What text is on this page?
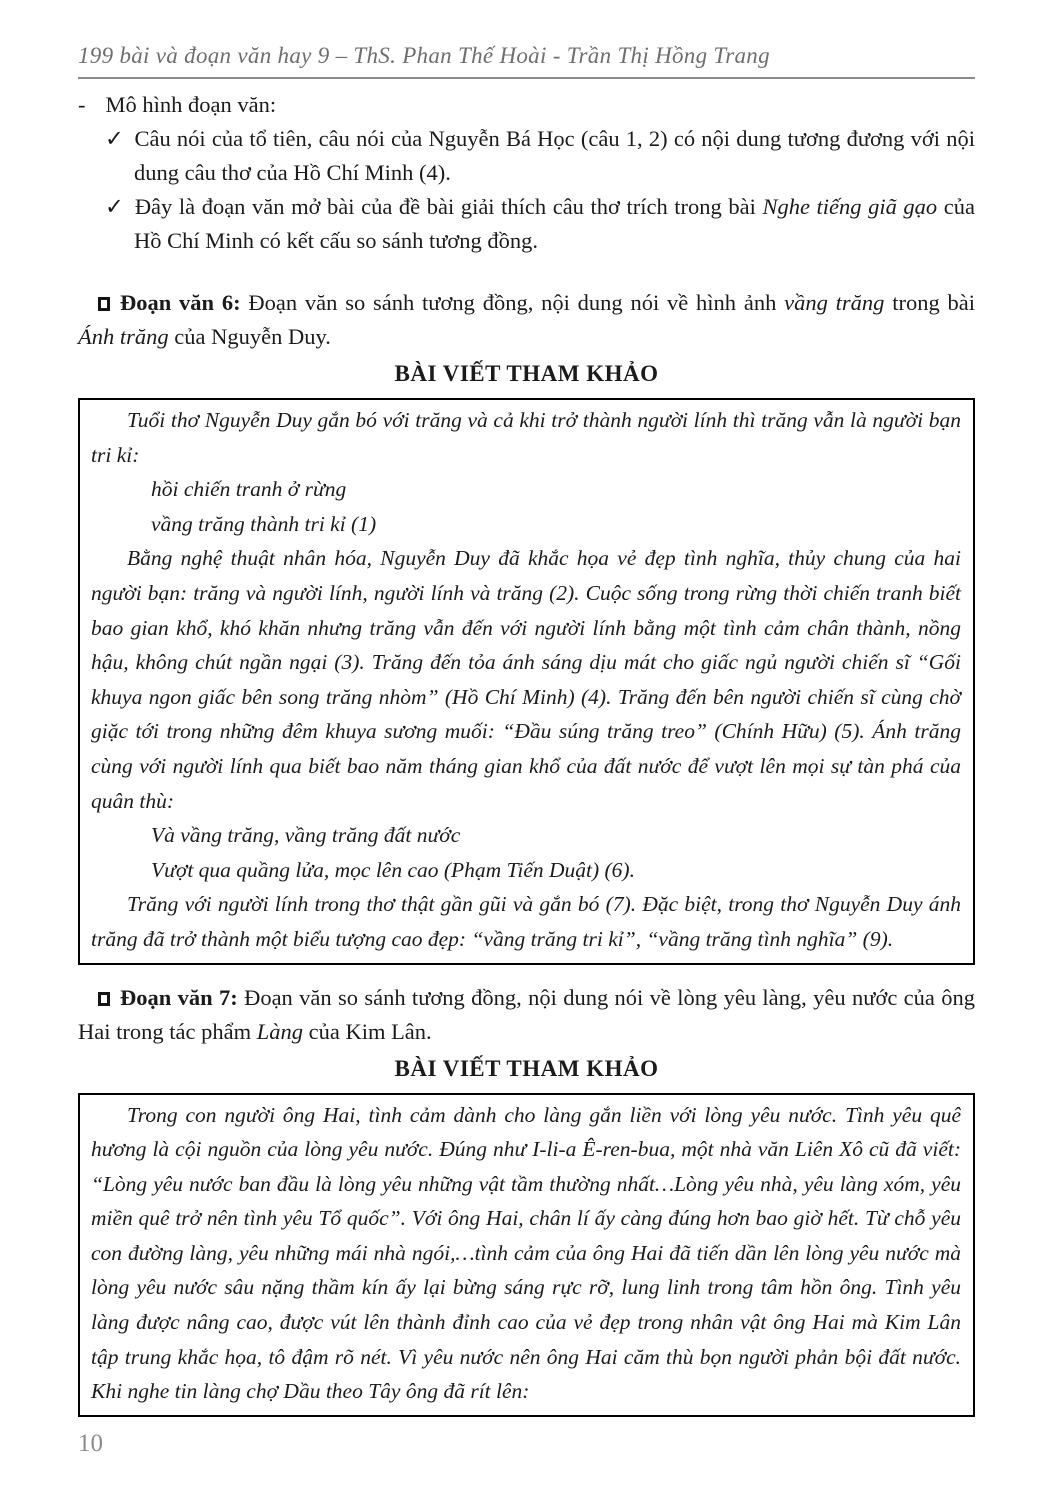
199 bài và đoạn văn hay 9 – ThS. Phan Thế Hoài - Trần Thị Hồng Trang
- Mô hình đoạn văn:
✓ Câu nói của tổ tiên, câu nói của Nguyễn Bá Học (câu 1, 2) có nội dung tương đương với nội dung câu thơ của Hồ Chí Minh (4).
✓ Đây là đoạn văn mở bài của đề bài giải thích câu thơ trích trong bài Nghe tiếng giã gạo của Hồ Chí Minh có kết cấu so sánh tương đồng.

Đoạn văn 6: Đoạn văn so sánh tương đồng, nội dung nói về hình ảnh vầng trăng trong bài Ánh trăng của Nguyễn Duy.

BÀI VIẾT THAM KHẢO

Tuổi thơ Nguyễn Duy gắn bó với trăng và cả khi trở thành người lính thì trăng vẫn là người bạn tri kỉ:

hồi chiến tranh ở rừng

vầng trăng thành tri kỉ (1)

Bằng nghệ thuật nhân hóa, Nguyễn Duy đã khắc họa vẻ đẹp tình nghĩa, thủy chung của hai người bạn: trăng và người lính, người lính và trăng (2). Cuộc sống trong rừng thời chiến tranh biết bao gian khổ, khó khăn nhưng trăng vẫn đến với người lính bằng một tình cảm chân thành, nồng hậu, không chút ngần ngại (3). Trăng đến tỏa ánh sáng dịu mát cho giấc ngủ người chiến sĩ “Gối khuya ngon giấc bên song trăng nhòm” (Hồ Chí Minh) (4). Trăng đến bên người chiến sĩ cùng chờ giặc tới trong những đêm khuya sương muối: “Đầu súng trăng treo” (Chính Hữu) (5). Ánh trăng cùng với người lính qua biết bao năm tháng gian khổ của đất nước để vượt lên mọi sự tàn phá của quân thù:

Và vầng trăng, vầng trăng đất nước

Vượt qua quầng lửa, mọc lên cao (Phạm Tiến Duật) (6).

Trăng với người lính trong thơ thật gần gũi và gắn bó (7). Đặc biệt, trong thơ Nguyễn Duy ánh trăng đã trở thành một biểu tượng cao đẹp: “vầng trăng tri kỉ”, “vầng trăng tình nghĩa” (9).

Đoạn văn 7: Đoạn văn so sánh tương đồng, nội dung nói về lòng yêu làng, yêu nước của ông Hai trong tác phẩm Làng của Kim Lân.

BÀI VIẾT THAM KHẢO

Trong con người ông Hai, tình cảm dành cho làng gắn liền với lòng yêu nước. Tình yêu quê hương là cội nguồn của lòng yêu nước. Đúng như I-li-a Ê-ren-bua, một nhà văn Liên Xô cũ đã viết: “Lòng yêu nước ban đầu là lòng yêu những vật tầm thường nhất…Lòng yêu nhà, yêu làng xóm, yêu miền quê trở nên tình yêu Tổ quốc”. Với ông Hai, chân lí ấy càng đúng hơn bao giờ hết. Từ chỗ yêu con đường làng, yêu những mái nhà ngói,…tình cảm của ông Hai đã tiến dần lên lòng yêu nước mà lòng yêu nước sâu nặng thầm kín ấy lại bừng sáng rực rỡ, lung linh trong tâm hồn ông. Tình yêu làng được nâng cao, được vút lên thành đỉnh cao của vẻ đẹp trong nhân vật ông Hai mà Kim Lân tập trung khắc họa, tô đậm rõ nét. Vì yêu nước nên ông Hai căm thù bọn người phản bội đất nước. Khi nghe tin làng chợ Dầu theo Tây ông đã rít lên:

10
